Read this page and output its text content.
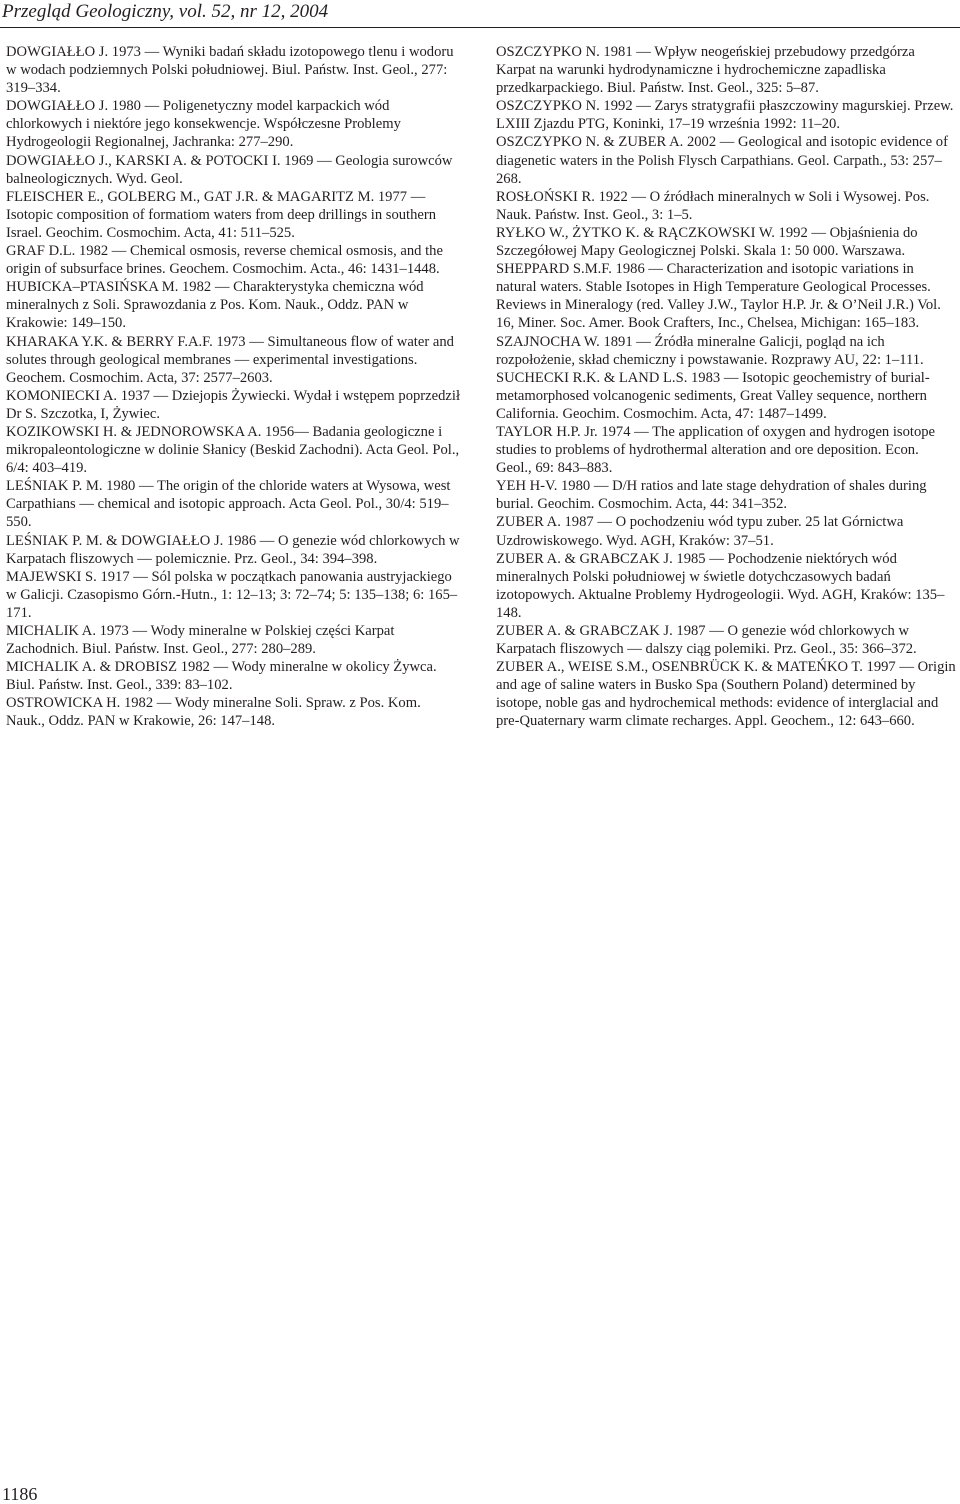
Przegląd Geologiczny, vol. 52, nr 12, 2004

DOWGIAŁŁO J. 1973 — Wyniki badań składu izotopowego tlenu i wodoru w wodach podziemnych Polski południowej. Biul. Państw. Inst. Geol., 277: 319–334.

DOWGIAŁŁO J. 1980 — Poligenetyczny model karpackich wód chlorkowych i niektóre jego konsekwencje. Współczesne Problemy Hydrogeologii Regionalnej, Jachranka: 277–290.

DOWGIAŁŁO J., KARSKI A. & POTOCKI I. 1969 — Geologia surowców balneologicznych. Wyd. Geol.

FLEISCHER E., GOLBERG M., GAT J.R. & MAGARITZ M. 1977 — Isotopic composition of formatiom waters from deep drillings in southern Israel. Geochim. Cosmochim. Acta, 41: 511–525.

GRAF D.L. 1982 — Chemical osmosis, reverse chemical osmosis, and the origin of subsurface brines. Geochem. Cosmochim. Acta., 46: 1431–1448.

HUBICKA–PTASIŃSKA M. 1982 — Charakterystyka chemiczna wód mineralnych z Soli. Sprawozdania z Pos. Kom. Nauk., Oddz. PAN w Krakowie: 149–150.

KHARAKA Y.K. & BERRY F.A.F. 1973 — Simultaneous flow of water and solutes through geological membranes — experimental investigations. Geochem. Cosmochim. Acta, 37: 2577–2603.

KOMONIECKI A. 1937 — Dziejopis Żywiecki. Wydał i wstępem poprzedził Dr S. Szczotka, I, Żywiec.

KOZIKOWSKI H. & JEDNOROWSKA A. 1956— Badania geologiczne i mikropaleontologiczne w dolinie Słanicy (Beskid Zachodni). Acta Geol. Pol., 6/4: 403–419.

LEŚNIAK P. M. 1980 — The origin of the chloride waters at Wysowa, west Carpathians — chemical and isotopic approach. Acta Geol. Pol., 30/4: 519–550.

LEŚNIAK P. M. & DOWGIAŁŁO J. 1986 — O genezie wód chlorkowych w Karpatach fliszowych — polemicznie. Prz. Geol., 34: 394–398.

MAJEWSKI S. 1917 — Sól polska w początkach panowania austryjackiego w Galicji. Czasopismo Górn.-Hutn., 1: 12–13; 3: 72–74; 5: 135–138; 6: 165–171.

MICHALIK A. 1973 — Wody mineralne w Polskiej części Karpat Zachodnich. Biul. Państw. Inst. Geol., 277: 280–289.

MICHALIK A. & DROBISZ 1982 — Wody mineralne w okolicy Żywca. Biul. Państw. Inst. Geol., 339: 83–102.

OSTROWICKA H. 1982 — Wody mineralne Soli. Spraw. z Pos. Kom. Nauk., Oddz. PAN w Krakowie, 26: 147–148.

OSZCZYPKO N. 1981 — Wpływ neogeńskiej przebudowy przedgórza Karpat na warunki hydrodynamiczne i hydrochemiczne zapadliska przedkarpackiego. Biul. Państw. Inst. Geol., 325: 5–87.

OSZCZYPKO N. 1992 — Zarys stratygrafii płaszczowiny magurskiej. Przew. LXIII Zjazdu PTG, Koninki, 17–19 września 1992: 11–20.

OSZCZYPKO N. & ZUBER A. 2002 — Geological and isotopic evidence of diagenetic waters in the Polish Flysch Carpathians. Geol. Carpath., 53: 257–268.

ROSŁOŃSKI R. 1922 — O źródłach mineralnych w Soli i Wysowej. Pos. Nauk. Państw. Inst. Geol., 3: 1–5.

RYŁKO W., ŻYTKO K. & RĄCZKOWSKI W. 1992 — Objaśnienia do Szczegółowej Mapy Geologicznej Polski. Skala 1: 50 000. Warszawa.

SHEPPARD S.M.F. 1986 — Characterization and isotopic variations in natural waters. Stable Isotopes in High Temperature Geological Processes. Reviews in Mineralogy (red. Valley J.W., Taylor H.P. Jr. & O’Neil J.R.) Vol. 16, Miner. Soc. Amer. Book Crafters, Inc., Chelsea, Michigan: 165–183.

SZAJNOCHA W. 1891 — Źródła mineralne Galicji, pogląd na ich rozpołożenie, skład chemiczny i powstawanie. Rozprawy AU, 22: 1–111.

SUCHECKI R.K. & LAND L.S. 1983 — Isotopic geochemistry of burial-metamorphosed volcanogenic sediments, Great Valley sequence, northern California. Geochim. Cosmochim. Acta, 47: 1487–1499.

TAYLOR H.P. Jr. 1974 — The application of oxygen and hydrogen isotope studies to problems of hydrothermal alteration and ore deposition. Econ. Geol., 69: 843–883.

YEH H-V. 1980 — D/H ratios and late stage dehydration of shales during burial. Geochim. Cosmochim. Acta, 44: 341–352.

ZUBER A. 1987 — O pochodzeniu wód typu zuber. 25 lat Górnictwa Uzdrowiskowego. Wyd. AGH, Kraków: 37–51.

ZUBER A. & GRABCZAK J. 1985 — Pochodzenie niektórych wód mineralnych Polski południowej w świetle dotychczasowych badań izotopowych. Aktualne Problemy Hydrogeologii. Wyd. AGH, Kraków: 135–148.

ZUBER A. & GRABCZAK J. 1987 — O genezie wód chlorkowych w Karpatach fliszowych — dalszy ciąg polemiki. Prz. Geol., 35: 366–372.

ZUBER A., WEISE S.M., OSENBRÜCK K. & MATEŃKO T. 1997 — Origin and age of saline waters in Busko Spa (Southern Poland) determined by isotope, noble gas and hydrochemical methods: evidence of interglacial and pre-Quaternary warm climate recharges. Appl. Geochem., 12: 643–660.

1186
